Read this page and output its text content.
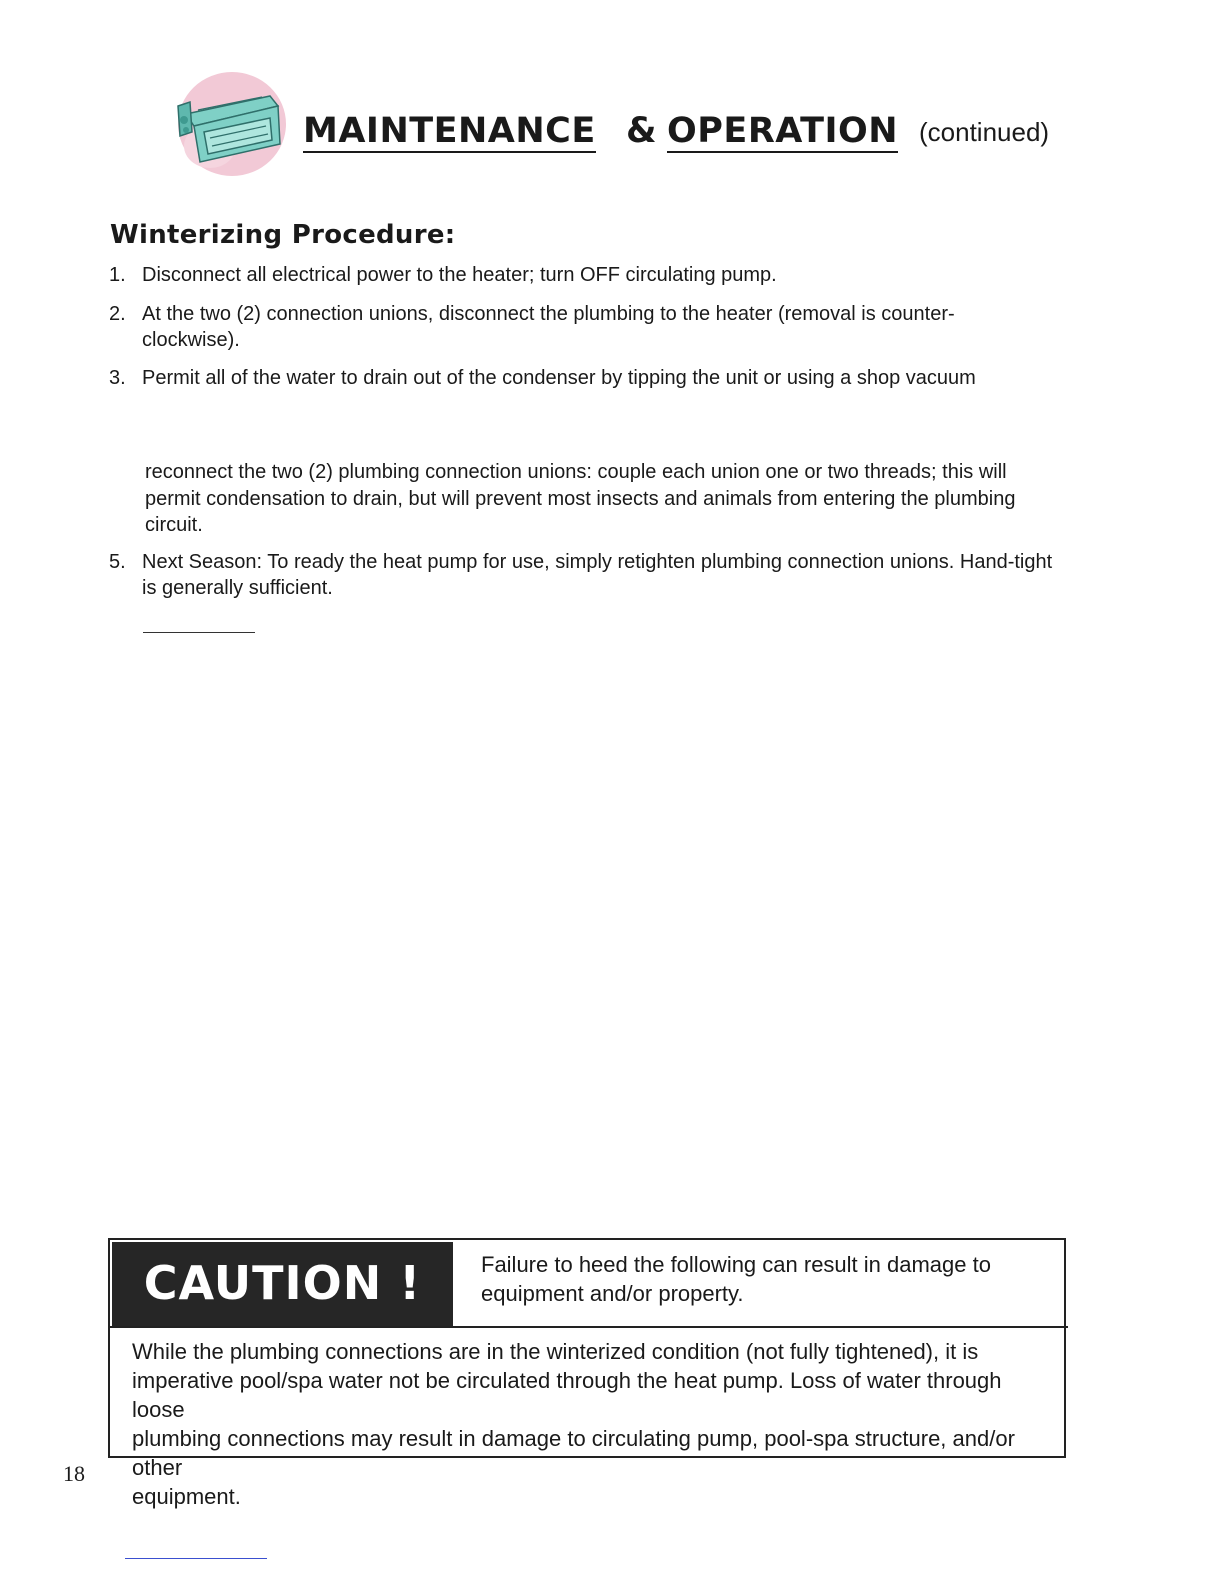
MAINTENANCE & OPERATION (continued)
Winterizing Procedure:
1. Disconnect all electrical power to the heater; turn OFF circulating pump.
2. At the two (2) connection unions, disconnect the plumbing to the heater (removal is counter-
clockwise).
3. Permit all of the water to drain out of the condenser by tipping the unit or using a shop vacuum
reconnect the two (2) plumbing connection unions: couple each union one or two threads; this will
permit condensation to drain, but will prevent most insects and animals from entering the plumbing
circuit.
5. Next Season: To ready the heat pump for use, simply retighten plumbing connection unions. Hand-tight
is generally sufficient.
CAUTION !	Failure to heed the following can result in damage to
equipment and/or property.
While the plumbing connections are in the winterized condition (not fully tightened), it is
imperative pool/spa water not be circulated through the heat pump. Loss of water through loose
plumbing connections may result in damage to circulating pump, pool-spa structure, and/or other
equipment.
18
